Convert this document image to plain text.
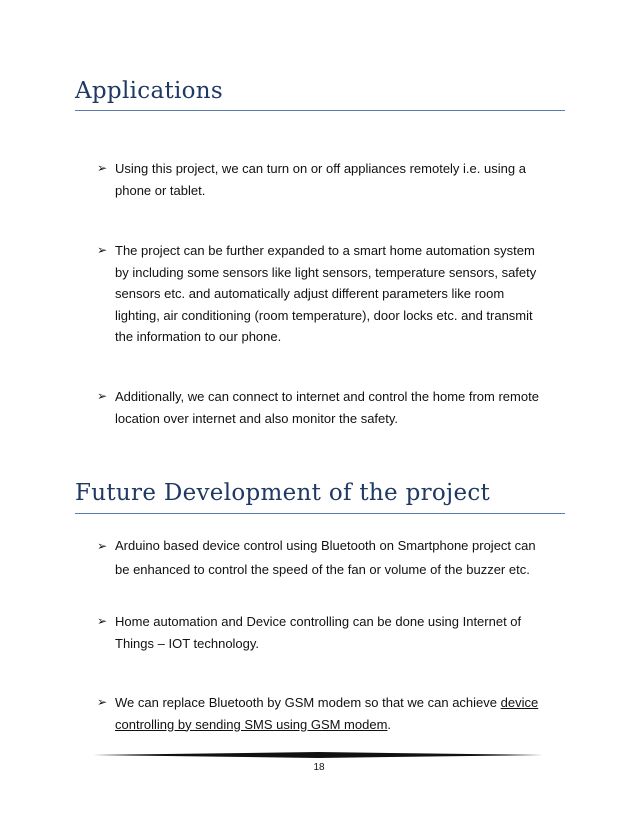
Applications
➢ Using this project, we can turn on or off appliances remotely i.e. using a phone or tablet.
➢ The project can be further expanded to a smart home automation system by including some sensors like light sensors, temperature sensors, safety sensors etc. and automatically adjust different parameters like room lighting, air conditioning (room temperature), door locks etc. and transmit the information to our phone.
➢ Additionally, we can connect to internet and control the home from remote location over internet and also monitor the safety.
Future Development of the project
➢ Arduino based device control using Bluetooth on Smartphone project can be enhanced to control the speed of the fan or volume of the buzzer etc.
➢ Home automation and Device controlling can be done using Internet of Things – IOT technology.
➢ We can replace Bluetooth by GSM modem so that we can achieve device controlling by sending SMS using GSM modem.
18
